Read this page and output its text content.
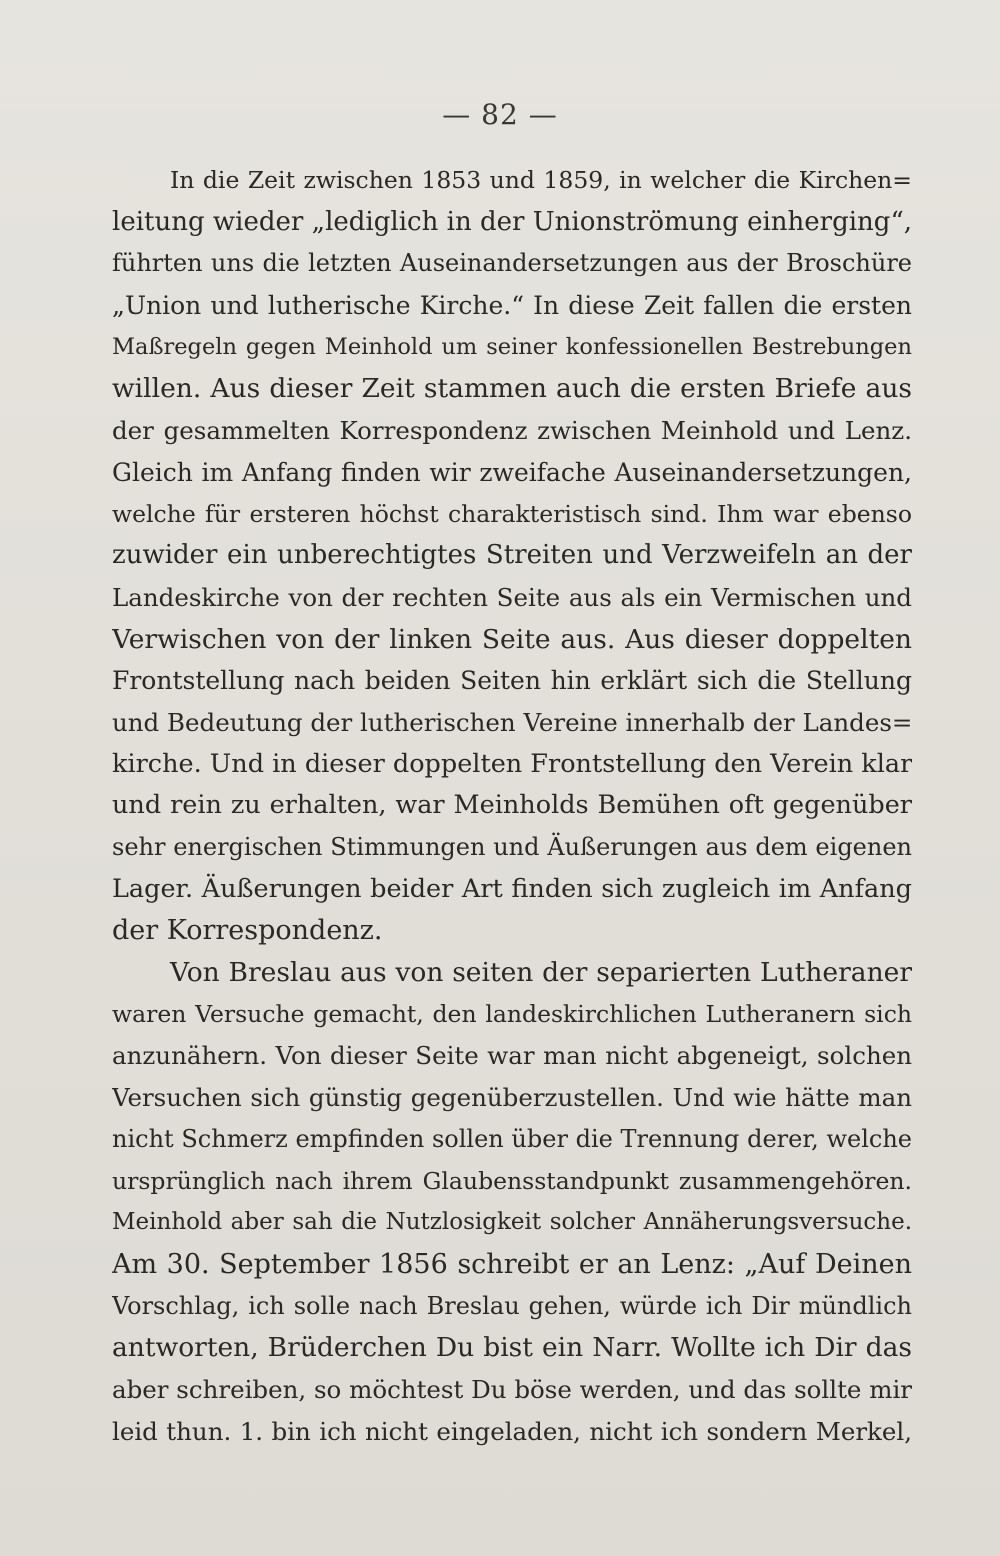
— 82 —
In die Zeit zwischen 1853 und 1859, in welcher die Kirchen=
leitung wieder „lediglich in der Unionströmung einherging“,
führten uns die letzten Auseinandersetzungen aus der Broschüre
„Union und lutherische Kirche.“ In diese Zeit fallen die ersten
Maßregeln gegen Meinhold um seiner konfessionellen Bestrebungen
willen. Aus dieser Zeit stammen auch die ersten Briefe aus
der gesammelten Korrespondenz zwischen Meinhold und Lenz.
Gleich im Anfang finden wir zweifache Auseinandersetzungen,
welche für ersteren höchst charakteristisch sind. Ihm war ebenso
zuwider ein unberechtigtes Streiten und Verzweifeln an der
Landeskirche von der rechten Seite aus als ein Vermischen und
Verwischen von der linken Seite aus. Aus dieser doppelten
Frontstellung nach beiden Seiten hin erklärt sich die Stellung
und Bedeutung der lutherischen Vereine innerhalb der Landes=
kirche. Und in dieser doppelten Frontstellung den Verein klar
und rein zu erhalten, war Meinholds Bemühen oft gegenüber
sehr energischen Stimmungen und Äußerungen aus dem eigenen
Lager. Äußerungen beider Art finden sich zugleich im Anfang
der Korrespondenz.
Von Breslau aus von seiten der separierten Lutheraner
waren Versuche gemacht, den landeskirchlichen Lutheranern sich
anzunähern. Von dieser Seite war man nicht abgeneigt, solchen
Versuchen sich günstig gegenüberzustellen. Und wie hätte man
nicht Schmerz empfinden sollen über die Trennung derer, welche
ursprünglich nach ihrem Glaubensstandpunkt zusammengehören.
Meinhold aber sah die Nutzlosigkeit solcher Annäherungsversuche.
Am 30. September 1856 schreibt er an Lenz: „Auf Deinen
Vorschlag, ich solle nach Breslau gehen, würde ich Dir mündlich
antworten, Brüderchen Du bist ein Narr. Wollte ich Dir das
aber schreiben, so möchtest Du böse werden, und das sollte mir
leid thun. 1. bin ich nicht eingeladen, nicht ich sondern Merkel,
